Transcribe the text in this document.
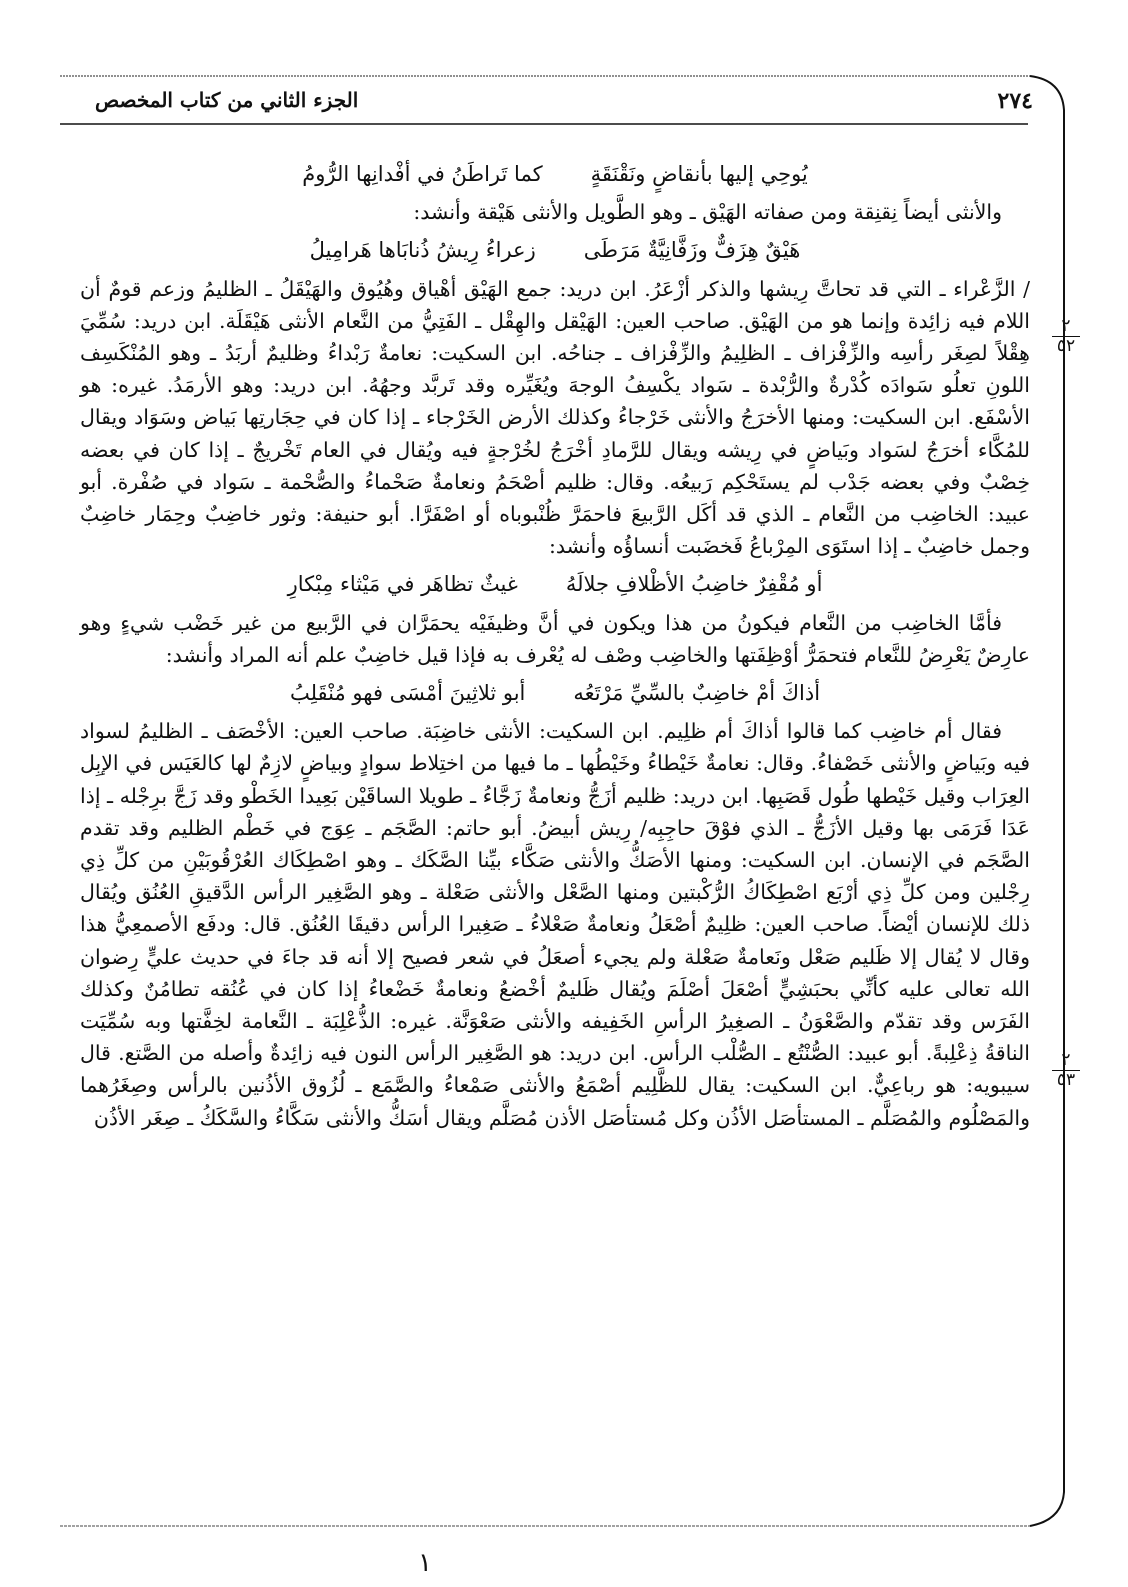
٢٧٤
الجزء الثاني من كتاب المخصص
يُوحِي إليها بأنقاضٍ ونَقْنَقَةٍ
كما تَراطَنُ في أفْدانِها الرُّومُ

والأنثى أيضاً نِقنِقة ومن صفاته الهَيْق ـ وهو الطَّويل والأنثى هَيْقة وأنشد:

هَيْقٌ هِزَفٌّ وزَفَّانِيَّةٌ مَرَطَى
زعراءُ رِيشُ ذُنابَاها هَرامِيلُ

/ الزَّعْراء ـ التي قد تحاتَّ رِيشها والذكر أزْعَرُ. ابن دريد: جمع الهَيْق أهْياق وهُيُوق والهَيْقَلُ ـ الظليمُ وزعم قومٌ أن اللام فيه زائِدة وإنما هو من الهَيْق. صاحب العين: الهَيْقل والهِقْل ـ الفَتِيُّ من النَّعام الأنثى هَيْقَلَة. ابن دريد: سُمِّيَ هِقْلاً لصِغَر رأسِه والزِّفْزاف ـ الظلِيمُ والزِّفْزاف ـ جناحُه. ابن السكيت: نعامةٌ رَبْداءُ وظليمٌ أربَدُ ـ وهو المُنْكَسِف اللونِ تعلُو سَوادَه كُدْرةٌ والرُّبْدة ـ سَواد يكْسِفُ الوجهَ ويُغَيِّره وقد تَربَّد وجهُهُ. ابن دريد: وهو الأرمَدُ. غيره: هو الأسْفَع. ابن السكيت: ومنها الأخرَجُ والأنثى خَرْجاءُ وكذلك الأرض الخَرْجاء ـ إذا كان في حِجَارتِها بَياض وسَوَاد ويقال للمُكَّاء أخرَجُ لسَواد وبَياضٍ في رِيشه ويقال للرَّمادِ أخْرَجُ لخُرْجةٍ فيه ويُقال في العام تَخْريجٌ ـ إذا كان في بعضه خِصْبٌ وفي بعضه جَدْب لم يستَحْكِم رَبيعُه. وقال: ظليم أصْحَمُ ونعامةٌ صَحْماءُ والصُّحْمة ـ سَواد في صُفْرة. أبو عبيد: الخاضِب من النَّعام ـ الذي قد أكَل الرَّبيعَ فاحمَرَّ ظُنْبوباه أو اصْفَرَّا. أبو حنيفة: وثور خاضِبٌ وحِمَار خاضِبٌ وجمل خاضِبٌ ـ إذا استَوَى المِرْباعُ فَخضَبت أنساؤُه وأنشد:

أو مُقْفِرٌ خاضِبُ الأظْلافِ جلالَهُ
غيثٌ تظاهَر في مَيْثاء مِبْكارِ

فأمَّا الخاضِب من النَّعام فيكونُ من هذا ويكون في أنَّ وظيفَيْه يحمَرَّان في الرَّبيع من غير خَضْب شيءٍ وهو عارِضٌ يَعْرِضُ للنَّعام فتحمَرُّ أوْظِفَتها والخاضِب وصْف له يُعْرف به فإذا قيل خاضِبٌ علم أنه المراد وأنشد:

أذاكَ أمْ خاضِبٌ بالسِّيِّ مَرْتَعُه
أبو ثلاثِينَ أمْسَى فهو مُنْقَلِبُ

فقال أم خاضِب كما قالوا أذاكَ أم ظلِيم. ابن السكيت: الأنثى خاضِبَة. صاحب العين: الأخْصَف ـ الظليمُ لسواد فيه وبَياضٍ والأنثى خَصْفاءُ. وقال: نعامةٌ خَيْطاءُ وخَيْطُها ـ ما فيها من اختِلاط سوادٍ وبياضٍ لازِمٌ لها كالعَيَس في الإبِل العِرَاب وقيل خَيْطها طُول قَصَبِها. ابن دريد: ظليم أزَجُّ ونعامةٌ زَجَّاءُ ـ طويلا الساقَيْن بَعِيدا الخَطْو وقد زَجَّ برِجْله ـ إذا عَدَا فَرَمَى بها وقيل الأزَجُّ ـ الذي فوْقَ حاجِبِه/ رِيش أبيضُ. أبو حاتم: الصَّجَم ـ عِوَج في خَطْم الظليم وقد تقدم الصَّجَم في الإنسان. ابن السكيت: ومنها الأصَكُّ والأنثى صَكَّاء بيِّنا الصَّكَك ـ وهو اصْطِكَاك العُرْقُوبَيْنِ من كلِّ ذِي رِجْلين ومن كلِّ ذِي أرْبَع اصْطِكَاكُ الرُّكْبتين ومنها الصَّعْل والأنثى صَعْلة ـ وهو الصَّغِير الرأس الدَّقيقِ العُنُق ويُقال ذلك للإنسان أيْضاً. صاحب العين: ظلِيمٌ أصْعَلُ ونعامةٌ صَعْلاءُ ـ صَغِيرا الرأس دقيقَا العُنُق. قال: ودفَع الأصمعِيُّ هذا وقال لا يُقال إلا ظَليم صَعْل ونَعامةٌ صَعْلة ولم يجيء أصعَلُ في شعر فصيح إلا أنه قد جاءَ في حديث عليٍّ رِضوان الله تعالى عليه كأنِّي بحبَشِيٍّ أصْعَلَ أصْلَمَ ويُقال ظَليمٌ أخْضعُ ونعامةٌ خَضْعاءُ إذا كان في عُنُقه تطامُنٌ وكذلك الفَرَس وقد تقدّم والصَّعْوَنُ ـ الصغِيرُ الرأسِ الخَفِيفه والأنثى صَعْوَنَّة. غيره: الذُّعْلِبَة ـ النَّعامة لخِفَّتها وبه سُمِّيَت الناقةُ ذِعْلِبةً. أبو عبيد: الصُّنْتُع ـ الصُّلْب الرأس. ابن دريد: هو الصَّغِير الرأس النون فيه زائِدةٌ وأصله من الصَّتع. قال سيبويه: هو رباعِيٌّ. ابن السكيت: يقال للظَّلِيم أصْمَعُ والأنثى صَمْعاءُ والصَّمَع ـ لُزُوق الأذُنين بالرأس وصِغَرُهما والمَصْلُوم والمُصَلَّم ـ المستأصَل الأذُن وكل مُستأصَل الأذن مُصَلَّم ويقال أسَكُّ والأنثى سَكَّاءُ والسَّكَكُ ـ صِغَر الأذُن

٢
٥٢
٢
٥٣
١
